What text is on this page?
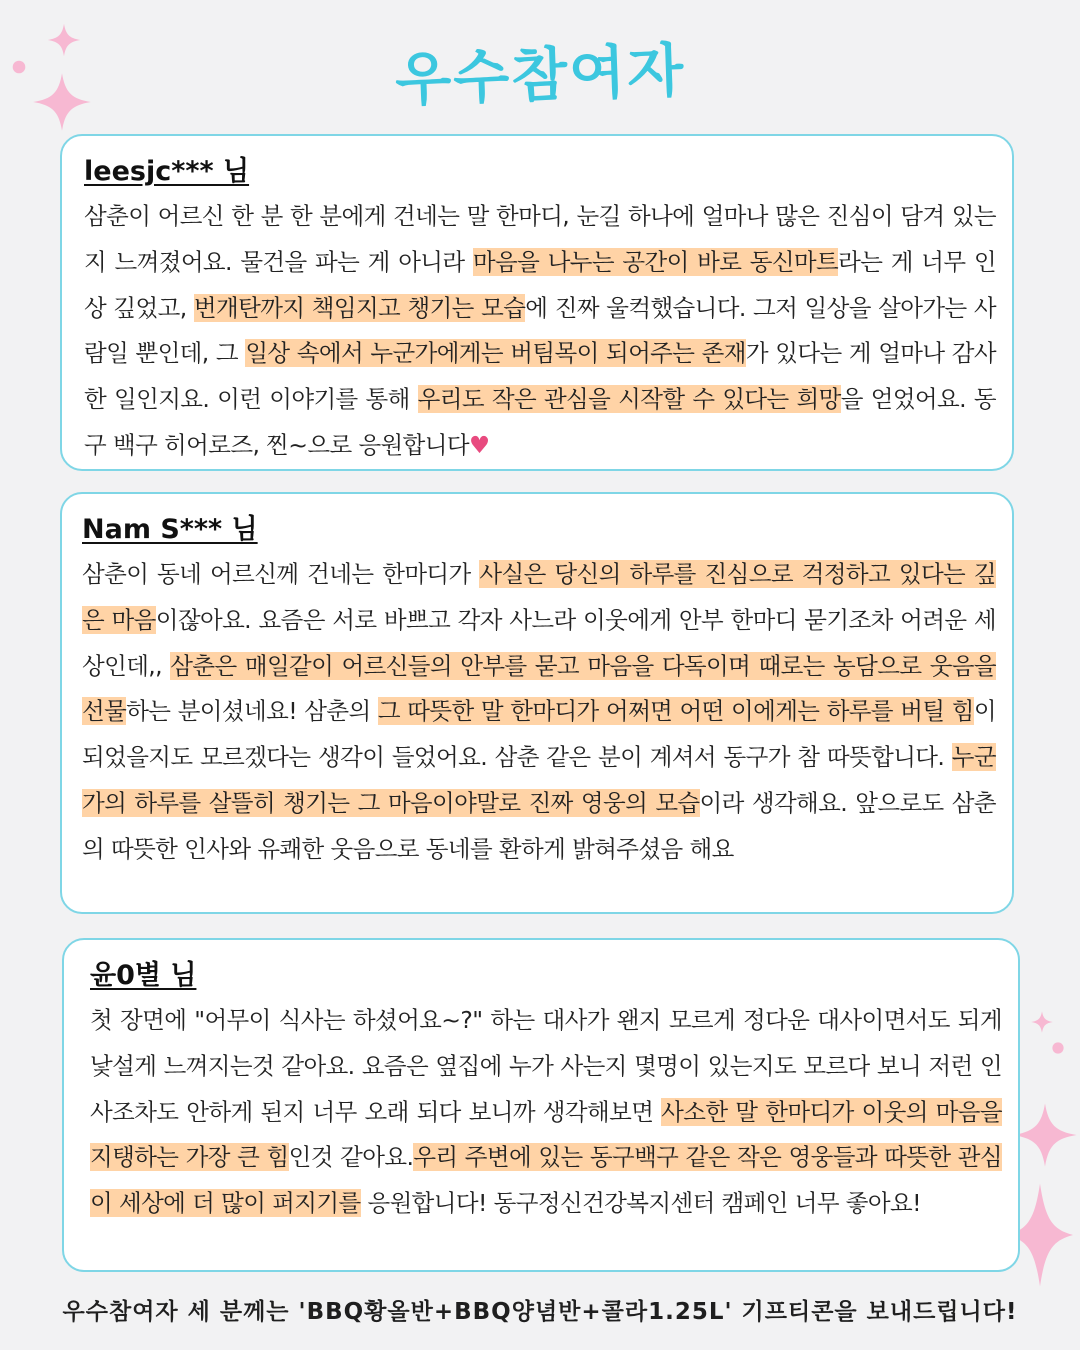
우수참여자
leesjc*** 님
삼춘이 어르신 한 분 한 분에게 건네는 말 한마디, 눈길 하나에 얼마나 많은 진심이 담겨 있는지 느껴졌어요. 물건을 파는 게 아니라 마음을 나누는 공간이 바로 동신마트라는 게 너무 인상 깊었고, 번개탄까지 책임지고 챙기는 모습에 진짜 울컥했습니다. 그저 일상을 살아가는 사람일 뿐인데, 그 일상 속에서 누군가에게는 버팀목이 되어주는 존재가 있다는 게 얼마나 감사한 일인지요. 이런 이야기를 통해 우리도 작은 관심을 시작할 수 있다는 희망을 얻었어요. 동구 백구 히어로즈, 찐~으로 응원합니다♥
Nam S*** 님
삼춘이 동네 어르신께 건네는 한마디가 사실은 당신의 하루를 진심으로 걱정하고 있다는 깊은 마음이잖아요. 요즘은 서로 바쁘고 각자 사느라 이웃에게 안부 한마디 묻기조차 어려운 세상인데,, 삼춘은 매일같이 어르신들의 안부를 묻고 마음을 다독이며 때로는 농담으로 웃음을 선물하는 분이셨네요! 삼춘의 그 따뜻한 말 한마디가 어쩌면 어떤 이에게는 하루를 버틸 힘이 되었을지도 모르겠다는 생각이 들었어요. 삼춘 같은 분이 계셔서 동구가 참 따뜻합니다. 누군가의 하루를 살뜰히 챙기는 그 마음이야말로 진짜 영웅의 모습이라 생각해요. 앞으로도 삼춘의 따뜻한 인사와 유쾌한 웃음으로 동네를 환하게 밝혀주셨음 해요
윤0별 님
첫 장면에 "어무이 식사는 하셨어요~?" 하는 대사가 왠지 모르게 정다운 대사이면서도 되게 낯설게 느껴지는것 같아요. 요즘은 옆집에 누가 사는지 몇명이 있는지도 모르다 보니 저런 인사조차도 안하게 된지 너무 오래 되다 보니까 생각해보면 사소한 말 한마디가 이웃의 마음을 지탱하는 가장 큰 힘인것 같아요.우리 주변에 있는 동구백구 같은 작은 영웅들과 따뜻한 관심이 세상에 더 많이 퍼지기를 응원합니다! 동구정신건강복지센터 캠페인 너무 좋아요!
우수참여자 세 분께는 'BBQ황올반+BBQ양념반+콜라1.25L' 기프티콘을 보내드립니다!
